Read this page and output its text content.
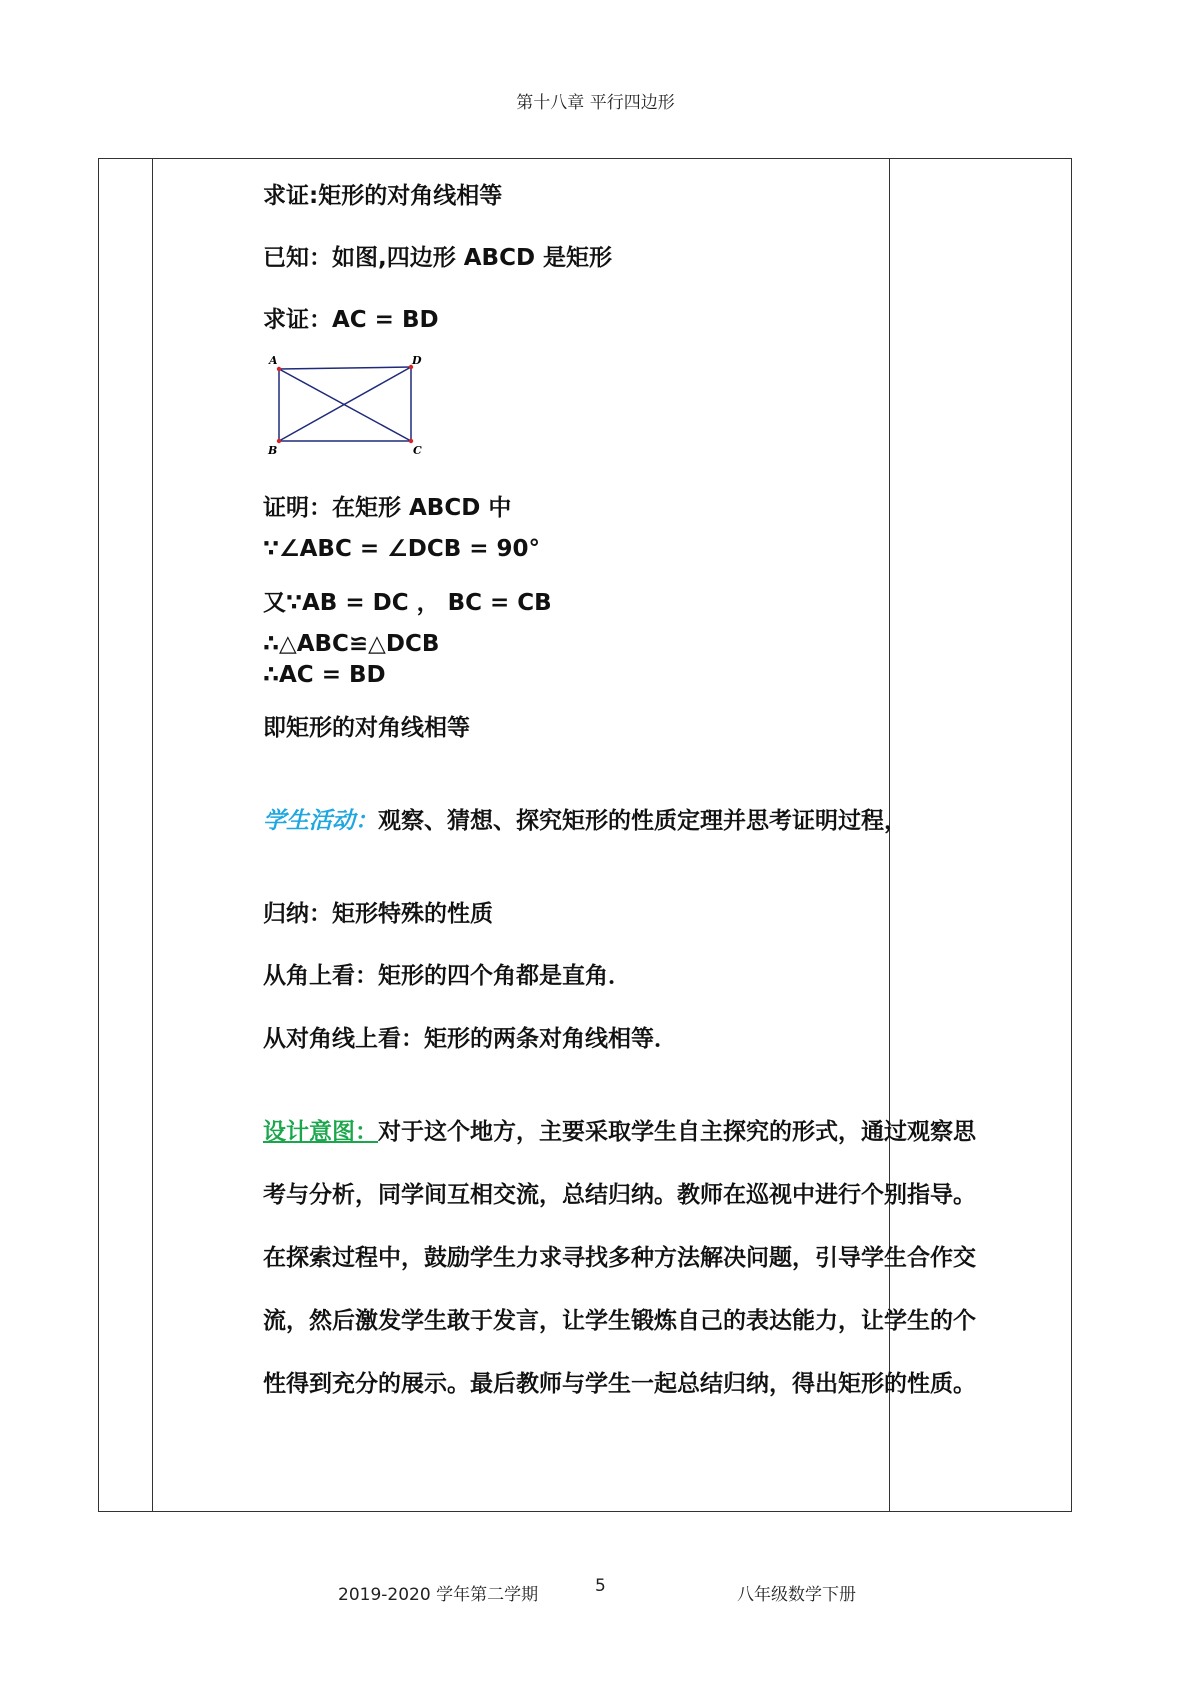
第十八章 平行四边形
求证:矩形的对角线相等
已知：如图,四边形 ABCD 是矩形
求证：AC = BD
A	D
B	C
证明：在矩形 ABCD 中
∵∠ABC = ∠DCB = 90°
又∵AB = DC ， BC = CB
∴△ABC≌△DCB
∴AC = BD
即矩形的对角线相等
学生活动：观察、猜想、探究矩形的性质定理并思考证明过程，
归纳：矩形特殊的性质
从角上看：矩形的四个角都是直角．
从对角线上看：矩形的两条对角线相等．
设计意图：对于这个地方，主要采取学生自主探究的形式，通过观察思考与分析，同学间互相交流，总结归纳。教师在巡视中进行个别指导。在探索过程中，鼓励学生力求寻找多种方法解决问题，引导学生合作交流，然后激发学生敢于发言，让学生锻炼自己的表达能力，让学生的个性得到充分的展示。最后教师与学生一起总结归纳，得出矩形的性质。
2019-2020 学年第二学期	5	八年级数学下册
